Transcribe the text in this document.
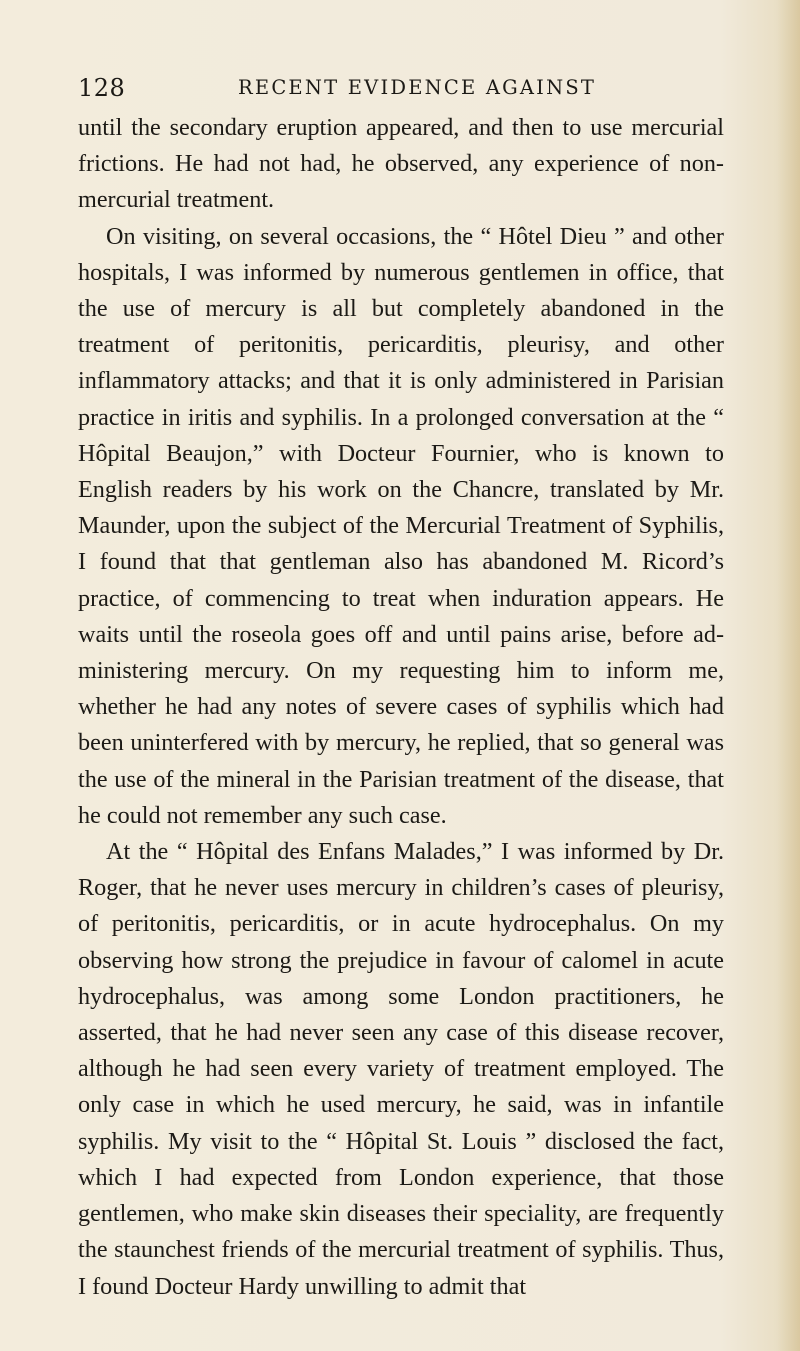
128	RECENT EVIDENCE AGAINST

until the secondary eruption appeared, and then to use mercurial frictions. He had not had, he observed, any experience of non-mercurial treatment.

On visiting, on several occasions, the “ Hôtel Dieu ” and other hospitals, I was informed by numerous gentlemen in office, that the use of mercury is all but completely abandoned in the treatment of peritonitis, pericarditis, pleurisy, and other inflammatory attacks; and that it is only administered in Parisian practice in iritis and syphilis. In a prolonged conversation at the “ Hôpital Beaujon,” with Docteur Fournier, who is known to English readers by his work on the Chancre, translated by Mr. Maunder, upon the subject of the Mercurial Treatment of Syphilis, I found that that gentleman also has abandoned M. Ricord’s practice, of commencing to treat when induration appears. He waits until the roseola goes off and until pains arise, before administering mercury. On my requesting him to inform me, whether he had any notes of severe cases of syphilis which had been uninterfered with by mercury, he replied, that so general was the use of the mineral in the Parisian treatment of the disease, that he could not remember any such case.

At the “ Hôpital des Enfans Malades,” I was informed by Dr. Roger, that he never uses mercury in children’s cases of pleurisy, of peritonitis, pericarditis, or in acute hydrocephalus. On my observing how strong the prejudice in favour of calomel in acute hydrocephalus, was among some London practitioners, he asserted, that he had never seen any case of this disease recover, although he had seen every variety of treatment employed. The only case in which he used mercury, he said, was in infantile syphilis. My visit to the “ Hôpital St. Louis ” disclosed the fact, which I had expected from London experience, that those gentlemen, who make skin diseases their speciality, are frequently the staunchest friends of the mercurial treatment of syphilis. Thus, I found Docteur Hardy unwilling to admit that
